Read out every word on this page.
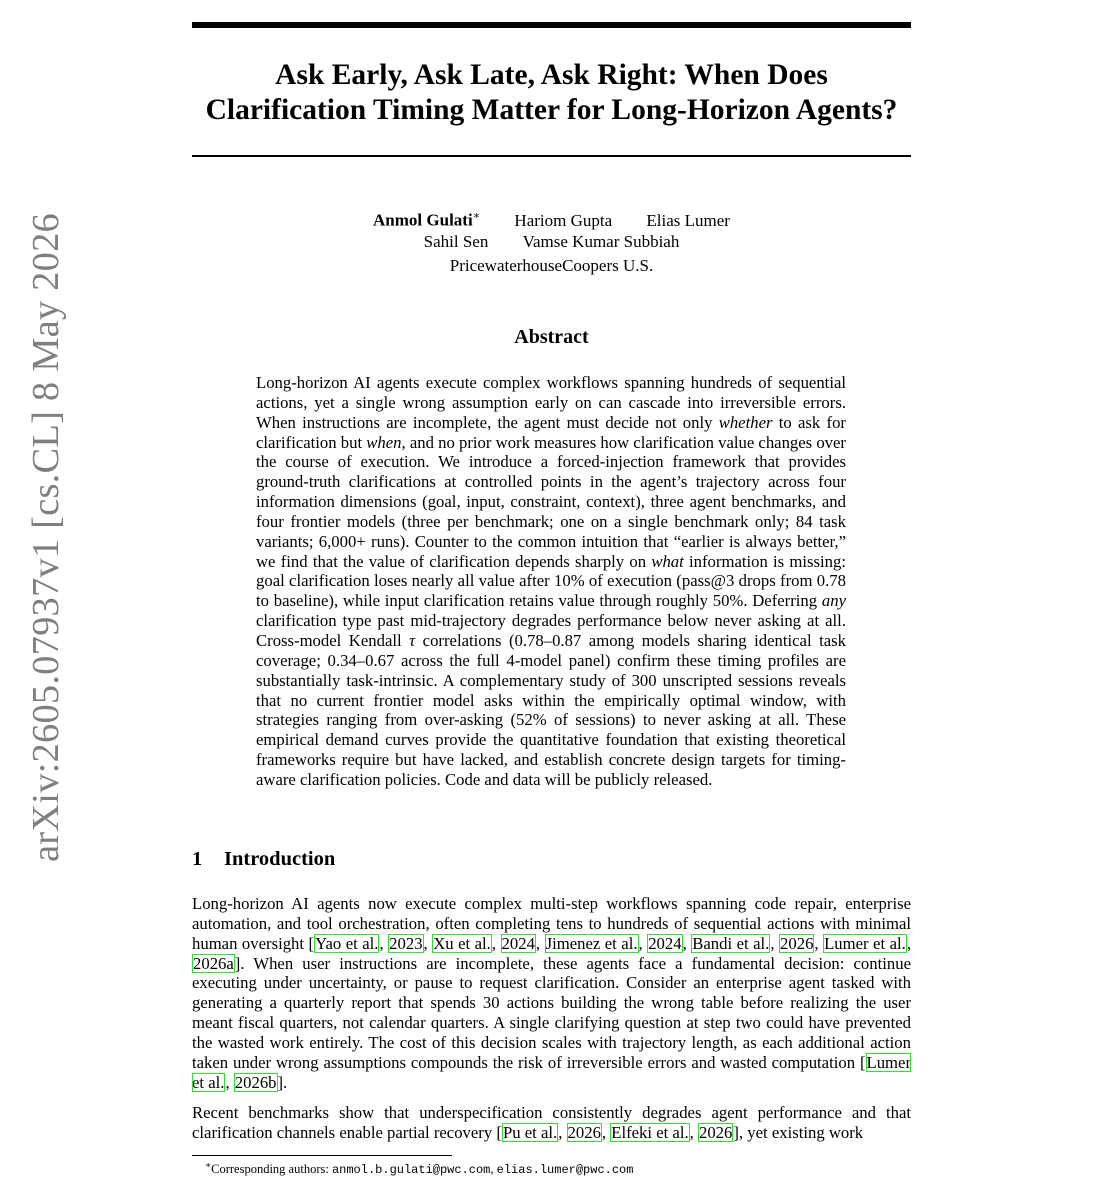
arXiv:2605.07937v1 [cs.CL] 8 May 2026
Ask Early, Ask Late, Ask Right: When Does
Clarification Timing Matter for Long-Horizon Agents?
Anmol Gulati∗ Hariom Gupta Elias Lumer
Sahil Sen Vamse Kumar Subbiah
PricewaterhouseCoopers U.S.
Abstract

Long-horizon AI agents execute complex workflows spanning hundreds of sequential actions, yet a single wrong assumption early on can cascade into irreversible errors. When instructions are incomplete, the agent must decide not only whether to ask for clarification but when, and no prior work measures how clarification value changes over the course of execution. We introduce a forced-injection framework that provides ground-truth clarifications at controlled points in the agent’s trajectory across four information dimensions (goal, input, constraint, context), three agent benchmarks, and four frontier models (three per benchmark; one on a single benchmark only; 84 task variants; 6,000+ runs). Counter to the common intuition that “earlier is always better,” we find that the value of clarification depends sharply on what information is missing: goal clarification loses nearly all value after 10% of execution (pass@3 drops from 0.78 to baseline), while input clarification retains value through roughly 50%. Deferring any clarification type past mid-trajectory degrades performance below never asking at all. Cross-model Kendall τ correlations (0.78–0.87 among models sharing identical task coverage; 0.34–0.67 across the full 4-model panel) confirm these timing profiles are substantially task-intrinsic. A complementary study of 300 unscripted sessions reveals that no current frontier model asks within the empirically optimal window, with strategies ranging from over-asking (52% of sessions) to never asking at all. These empirical demand curves provide the quantitative foundation that existing theoretical frameworks require but have lacked, and establish concrete design targets for timing-aware clarification policies. Code and data will be publicly released.

1 Introduction

Long-horizon AI agents now execute complex multi-step workflows spanning code repair, enterprise automation, and tool orchestration, often completing tens to hundreds of sequential actions with minimal human oversight [Yao et al., 2023, Xu et al., 2024, Jimenez et al., 2024, Bandi et al., 2026, Lumer et al., 2026a]. When user instructions are incomplete, these agents face a fundamental decision: continue executing under uncertainty, or pause to request clarification. Consider an enterprise agent tasked with generating a quarterly report that spends 30 actions building the wrong table before realizing the user meant fiscal quarters, not calendar quarters. A single clarifying question at step two could have prevented the wasted work entirely. The cost of this decision scales with trajectory length, as each additional action taken under wrong assumptions compounds the risk of irreversible errors and wasted computation [Lumer et al., 2026b].

Recent benchmarks show that underspecification consistently degrades agent performance and that clarification channels enable partial recovery [Pu et al., 2026, Elfeki et al., 2026], yet existing work

∗Corresponding authors: anmol.b.gulati@pwc.com, elias.lumer@pwc.com
